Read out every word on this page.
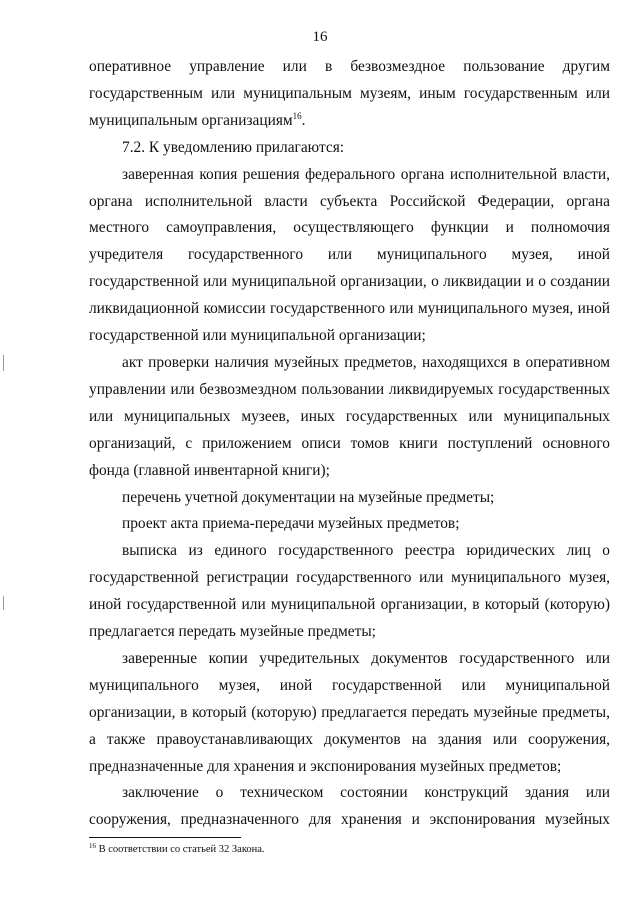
16

оперативное управление или в безвозмездное пользование другим государственным или муниципальным музеям, иным государственным или муниципальным организациям$^{16}$.

7.2. К уведомлению прилагаются:

заверенная копия решения федерального органа исполнительной власти, органа исполнительной власти субъекта Российской Федерации, органа местного самоуправления, осуществляющего функции и полномочия учредителя государственного или муниципального музея, иной государственной или муниципальной организации, о ликвидации и о создании ликвидационной комиссии государственного или муниципального музея, иной государственной или муниципальной организации;

акт проверки наличия музейных предметов, находящихся в оперативном управлении или безвозмездном пользовании ликвидируемых государственных или муниципальных музеев, иных государственных или муниципальных организаций, с приложением описи томов книги поступлений основного фонда (главной инвентарной книги);

перечень учетной документации на музейные предметы;

проект акта приема-передачи музейных предметов;

выписка из единого государственного реестра юридических лиц о государственной регистрации государственного или муниципального музея, иной государственной или муниципальной организации, в который (которую) предлагается передать музейные предметы;

заверенные копии учредительных документов государственного или муниципального музея, иной государственной или муниципальной организации, в который (которую) предлагается передать музейные предметы, а также правоустанавливающих документов на здания или сооружения, предназначенные для хранения и экспонирования музейных предметов;

заключение о техническом состоянии конструкций здания или сооружения, предназначенного для хранения и экспонирования музейных

$^{16}$ В соответствии со статьей 32 Закона.
